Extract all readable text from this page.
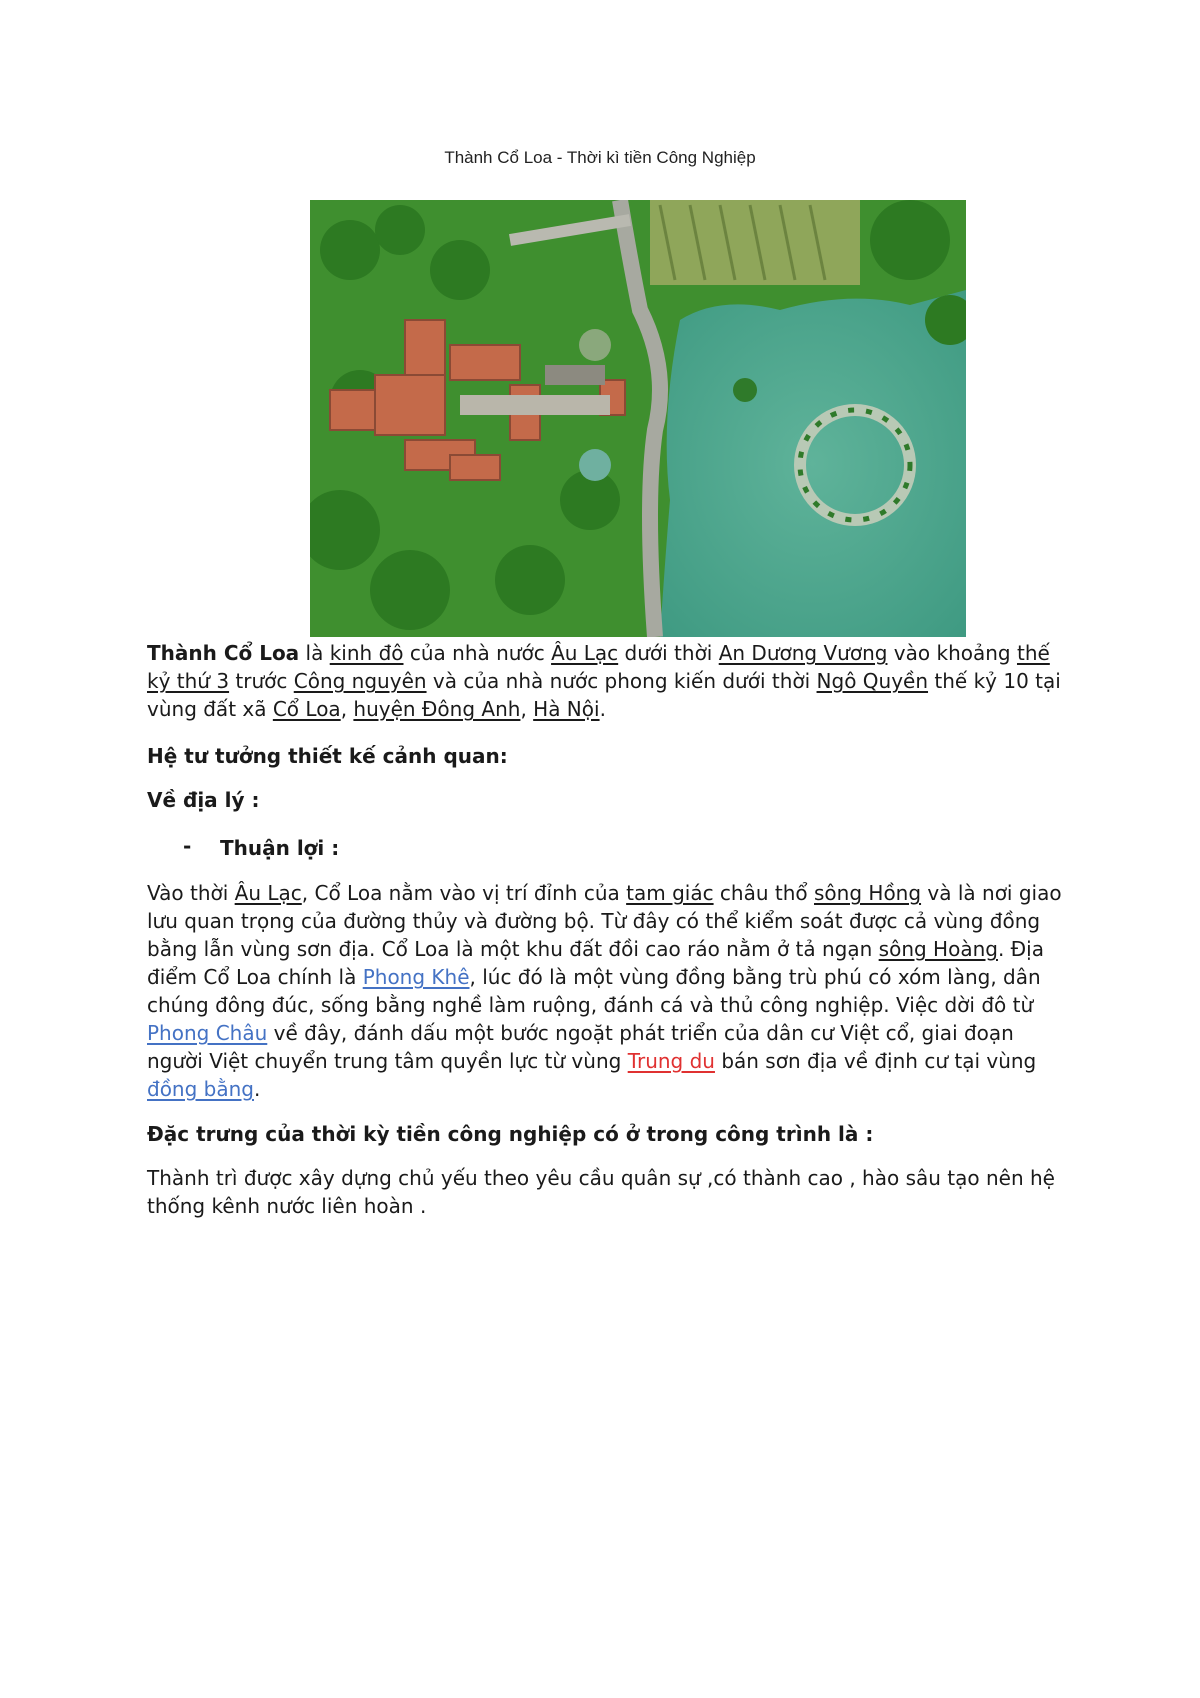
Thành Cổ Loa - Thời kì tiền Công Nghiệp

Thành Cổ Loa là kinh đô của nhà nước Âu Lạc dưới thời An Dương Vương vào khoảng thế kỷ thứ 3 trước Công nguyên và của nhà nước phong kiến dưới thời Ngô Quyền thế kỷ 10 tại vùng đất xã Cổ Loa, huyện Đông Anh, Hà Nội.

Hệ tư tưởng thiết kế cảnh quan:
Về địa lý :
- Thuận lợi :

Vào thời Âu Lạc, Cổ Loa nằm vào vị trí đỉnh của tam giác châu thổ sông Hồng và là nơi giao lưu quan trọng của đường thủy và đường bộ. Từ đây có thể kiểm soát được cả vùng đồng bằng lẫn vùng sơn địa. Cổ Loa là một khu đất đồi cao ráo nằm ở tả ngạn sông Hoàng. Địa điểm Cổ Loa chính là Phong Khê, lúc đó là một vùng đồng bằng trù phú có xóm làng, dân chúng đông đúc, sống bằng nghề làm ruộng, đánh cá và thủ công nghiệp. Việc dời đô từ Phong Châu về đây, đánh dấu một bước ngoặt phát triển của dân cư Việt cổ, giai đoạn người Việt chuyển trung tâm quyền lực từ vùng Trung du bán sơn địa về định cư tại vùng đồng bằng.

Đặc trưng của thời kỳ tiền công nghiệp có ở trong công trình là :
Thành trì được xây dựng chủ yếu theo yêu cầu quân sự ,có thành cao , hào sâu tạo nên hệ thống kênh nước liên hoàn .
